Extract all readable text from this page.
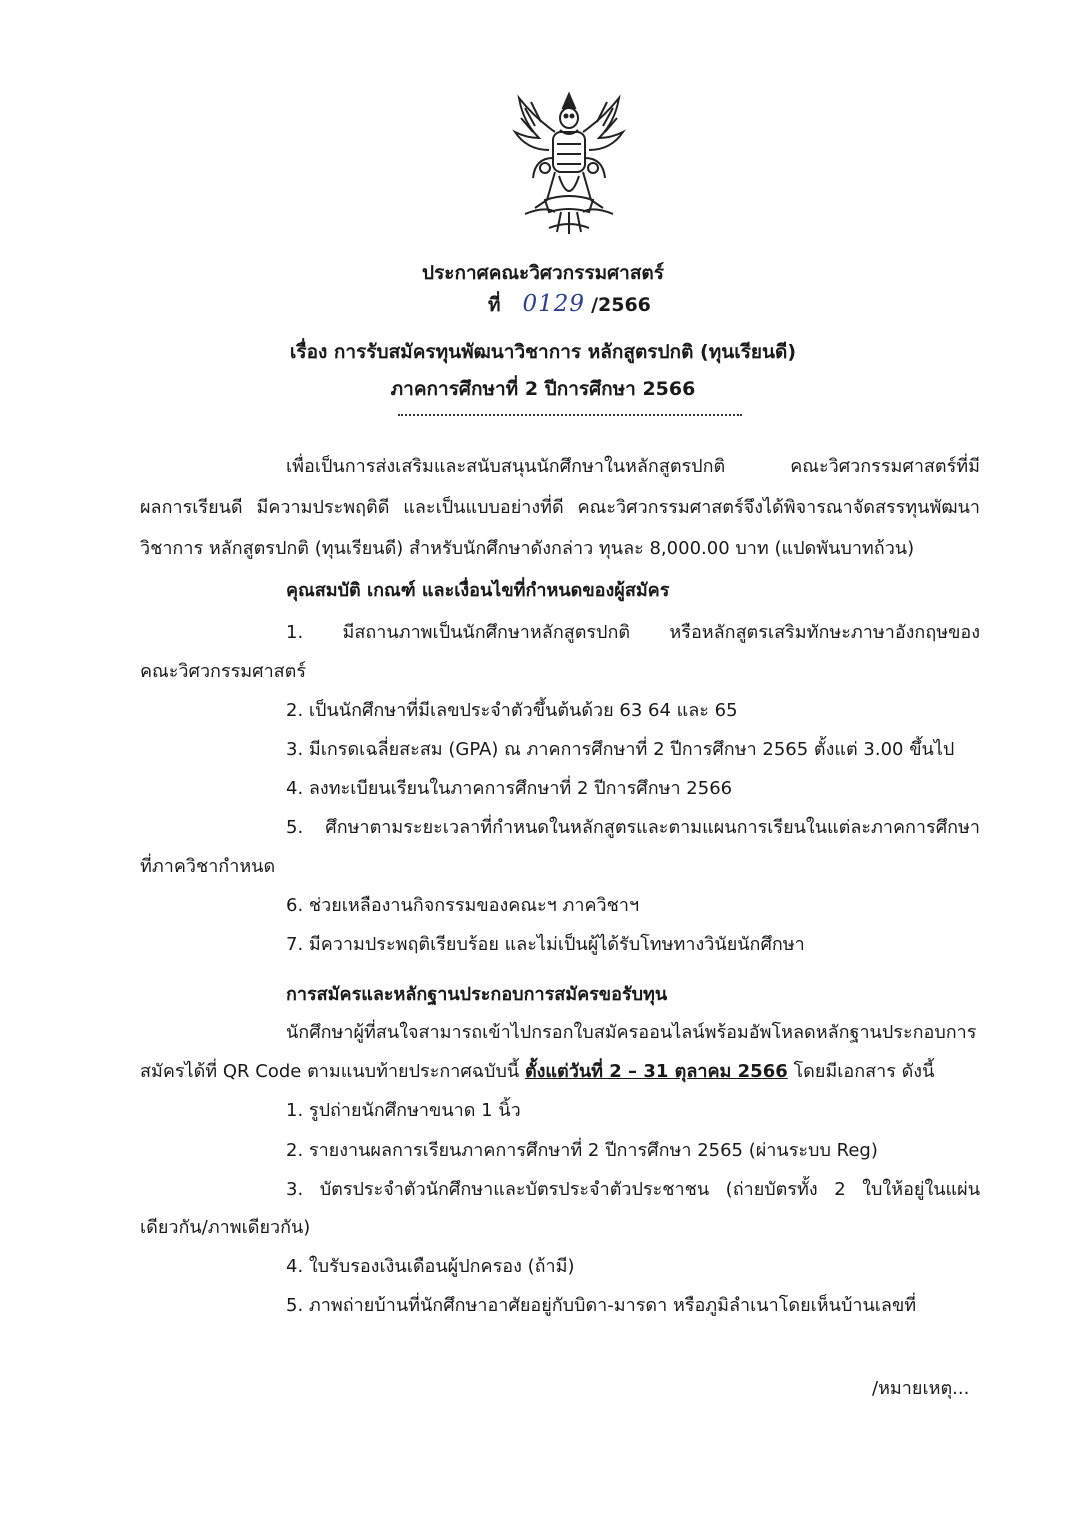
ประกาศคณะวิศวกรรมศาสตร์
ที่ 0129 /2566
เรื่อง การรับสมัครทุนพัฒนาวิชาการ หลักสูตรปกติ (ทุนเรียนดี)
ภาคการศึกษาที่ 2 ปีการศึกษา 2566
เพื่อเป็นการส่งเสริมและสนับสนุนนักศึกษาในหลักสูตรปกติ คณะวิศวกรรมศาสตร์ที่มี
ผลการเรียนดี มีความประพฤติดี และเป็นแบบอย่างที่ดี คณะวิศวกรรมศาสตร์จึงได้พิจารณาจัดสรรทุนพัฒนา
วิชาการ หลักสูตรปกติ (ทุนเรียนดี) สำหรับนักศึกษาดังกล่าว ทุนละ 8,000.00 บาท (แปดพันบาทถ้วน)
คุณสมบัติ เกณฑ์ และเงื่อนไขที่กำหนดของผู้สมัคร
1. มีสถานภาพเป็นนักศึกษาหลักสูตรปกติ หรือหลักสูตรเสริมทักษะภาษาอังกฤษของ
คณะวิศวกรรมศาสตร์
2. เป็นนักศึกษาที่มีเลขประจำตัวขึ้นต้นด้วย 63 64 และ 65
3. มีเกรดเฉลี่ยสะสม (GPA) ณ ภาคการศึกษาที่ 2 ปีการศึกษา 2565 ตั้งแต่ 3.00 ขึ้นไป
4. ลงทะเบียนเรียนในภาคการศึกษาที่ 2 ปีการศึกษา 2566
5. ศึกษาตามระยะเวลาที่กำหนดในหลักสูตรและตามแผนการเรียนในแต่ละภาคการศึกษา
ที่ภาควิชากำหนด
6. ช่วยเหลืองานกิจกรรมของคณะฯ ภาควิชาฯ
7. มีความประพฤติเรียบร้อย และไม่เป็นผู้ได้รับโทษทางวินัยนักศึกษา
การสมัครและหลักฐานประกอบการสมัครขอรับทุน
นักศึกษาผู้ที่สนใจสามารถเข้าไปกรอกใบสมัครออนไลน์พร้อมอัพโหลดหลักฐานประกอบการ
สมัครได้ที่ QR Code ตามแนบท้ายประกาศฉบับนี้ ตั้งแต่วันที่ 2 – 31 ตุลาคม 2566 โดยมีเอกสาร ดังนี้
1. รูปถ่ายนักศึกษาขนาด 1 นิ้ว
2. รายงานผลการเรียนภาคการศึกษาที่ 2 ปีการศึกษา 2565 (ผ่านระบบ Reg)
3. บัตรประจำตัวนักศึกษาและบัตรประจำตัวประชาชน (ถ่ายบัตรทั้ง 2 ใบให้อยู่ในแผ่น
เดียวกัน/ภาพเดียวกัน)
4. ใบรับรองเงินเดือนผู้ปกครอง (ถ้ามี)
5. ภาพถ่ายบ้านที่นักศึกษาอาศัยอยู่กับบิดา-มารดา หรือภูมิลำเนาโดยเห็นบ้านเลขที่
/หมายเหตุ...
